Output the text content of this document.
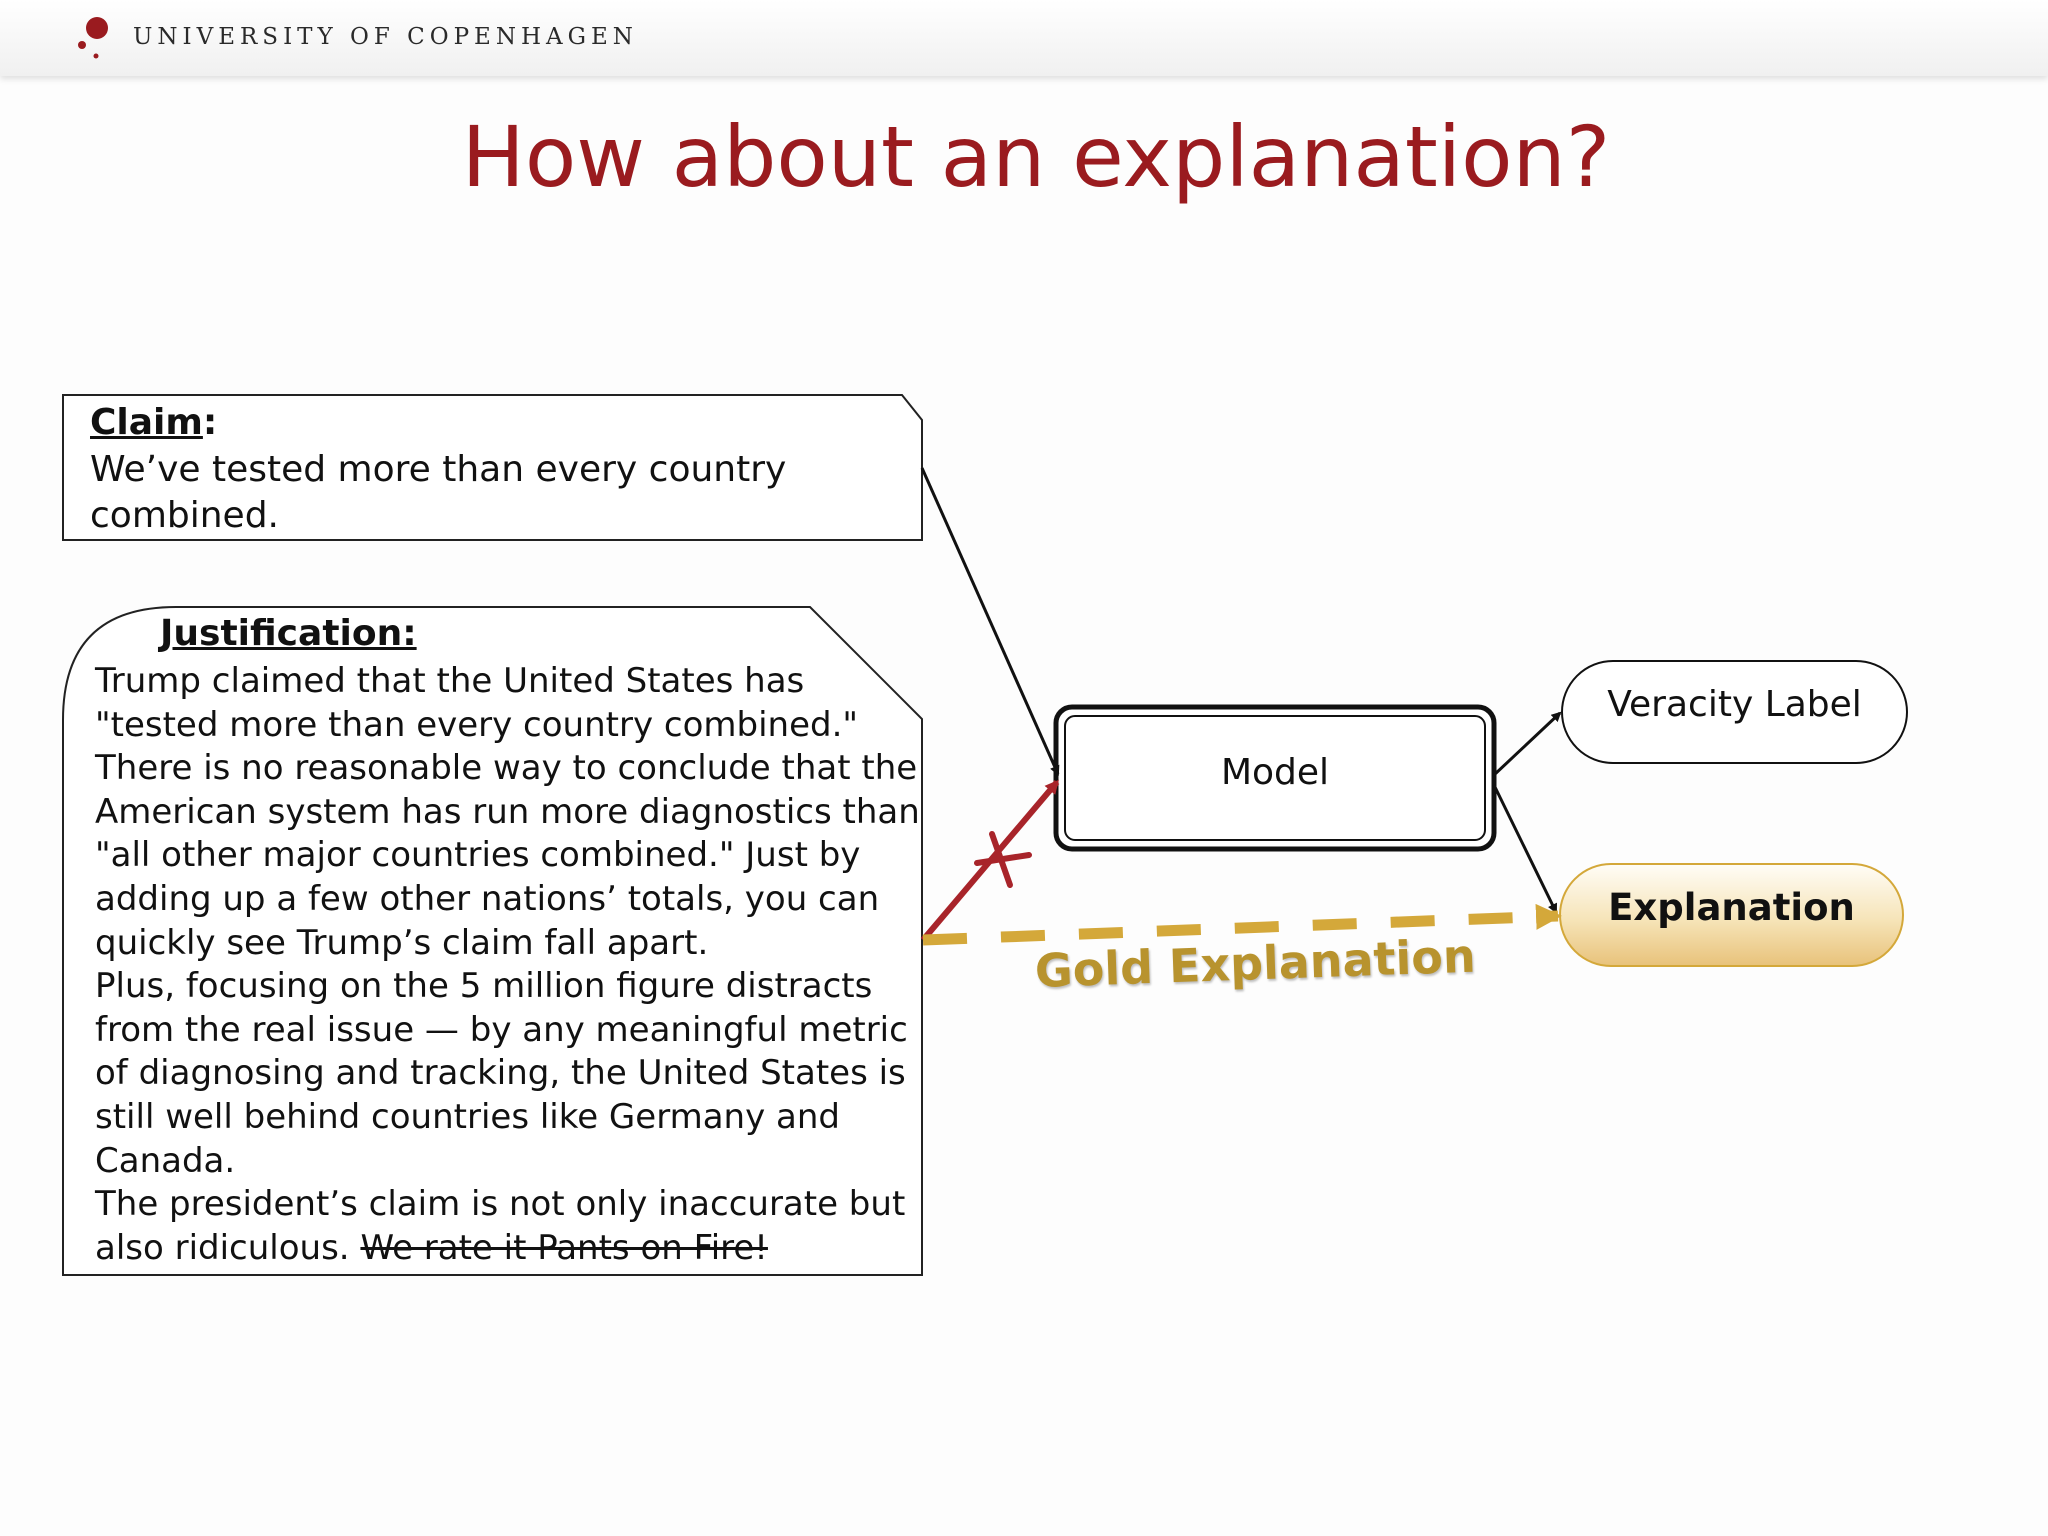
UNIVERSITY OF COPENHAGEN
How about an explanation?
Claim:
We’ve tested more than every country combined.
Justification:
Trump claimed that the United States has "tested more than every country combined." There is no reasonable way to conclude that the American system has run more diagnostics than "all other major countries combined." Just by adding up a few other nations’ totals, you can quickly see Trump’s claim fall apart.
Plus, focusing on the 5 million figure distracts from the real issue — by any meaningful metric of diagnosing and tracking, the United States is still well behind countries like Germany and Canada.
The president’s claim is not only inaccurate but also ridiculous. We rate it Pants on Fire!
Model
Veracity Label
Explanation
Gold Explanation
